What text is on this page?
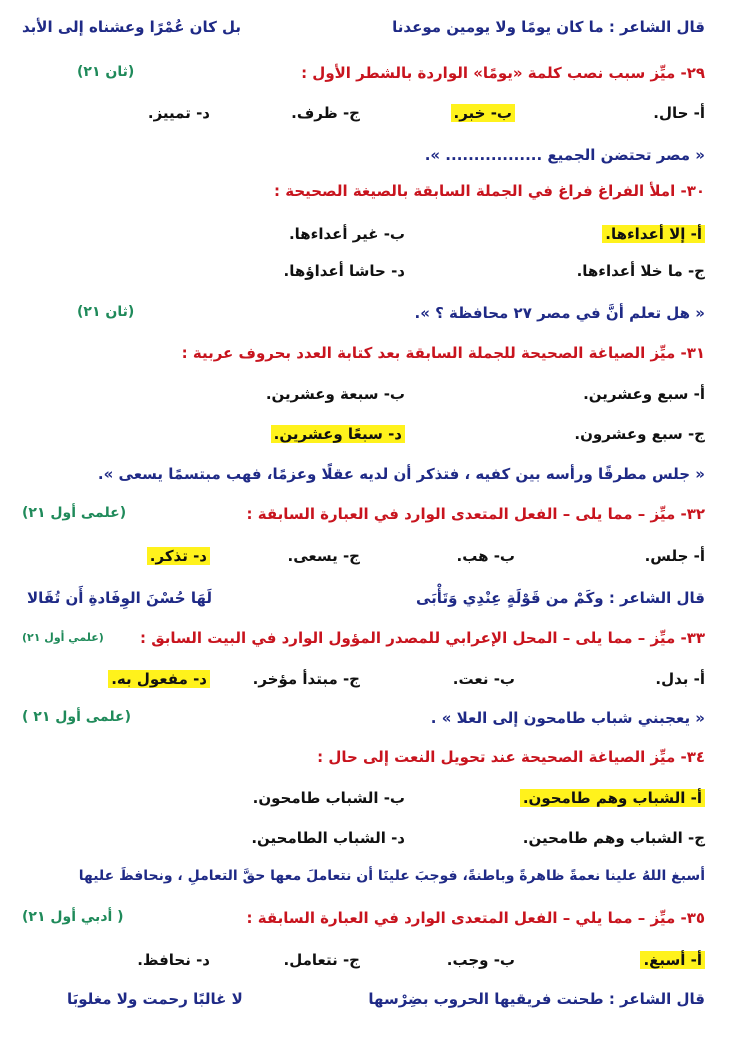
قال الشاعر : ما كان يومًا ولا يومين موعدنا
بل كان عُمْرًا وعشناه إلى الأبد
٢٩- ميِّز سبب نصب كلمة «يومًا» الواردة بالشطر الأول :
(ثان ٢١)
أ- حال.
ب- خبر.
ج- ظرف.
د- تمييز.
« مصر تحتضن الجميع ................. ».
٣٠- املأ الفراغ فراغ في الجملة السابقة بالصيغة الصحيحة :
أ- إلا أعداءها.
ب- غير أعداءها.
ج- ما خلا أعداءها.
د- حاشا أعداؤها.
« هل تعلم أنَّ في مصر ٢٧ محافظة ؟ ».
(ثان ٢١)
٣١- ميِّز الصياغة الصحيحة للجملة السابقة بعد كتابة العدد بحروف عربية :
أ- سبع وعشرين.
ب- سبعة وعشرين.
ج- سبع وعشرون.
د- سبعًا وعشرين.
« جلس مطرقًا ورأسه بين كفيه ، فتذكر أن لديه عقلًا وعزمًا، فهب مبتسمًا يسعى ».
٣٢- ميِّز – مما يلى – الفعل المتعدى الوارد في العبارة السابقة :
(علمى أول ٢١)
أ- جلس.
ب- هب.
ج- يسعى.
د- تذكر.
قال الشاعر : وكَمْ من قَوْلَةٍ عِنْدِي وَتَأْبَى
لَهَا حُسْنَ الوِفَادةِ أَن تُقَالا
٣٣- ميِّز – مما يلى – المحل الإعرابي للمصدر المؤول الوارد في البيت السابق :
(علمي أول ٢١)
أ- بدل.
ب- نعت.
ج- مبتدأ مؤخر.
د- مفعول به.
« يعجبني شباب طامحون إلى العلا » .
(علمى أول ٢١ )
٣٤- ميِّز الصياغة الصحيحة عند تحويل النعت إلى حال :
أ- الشباب وهم طامحون.
ب- الشباب طامحون.
ج- الشباب وهم طامحين.
د- الشباب الطامحين.
أسبغ اللهُ علينا نعمةً ظاهرةً وباطنةً، فوجبَ علينَا أن نتعاملَ معها حقَّ التعاملِ ، ونحافظَ عليها
٣٥- ميِّز – مما يلي – الفعل المتعدى الوارد في العبارة السابقة :
( أدبي أول ٢١)
أ- أسبغ.
ب- وجب.
ج- نتعامل.
د- نحافظ.
قال الشاعر : طحنت فريقيها الحروب بضِرْسها
لا غالبًا رحمت ولا مغلوبَا
